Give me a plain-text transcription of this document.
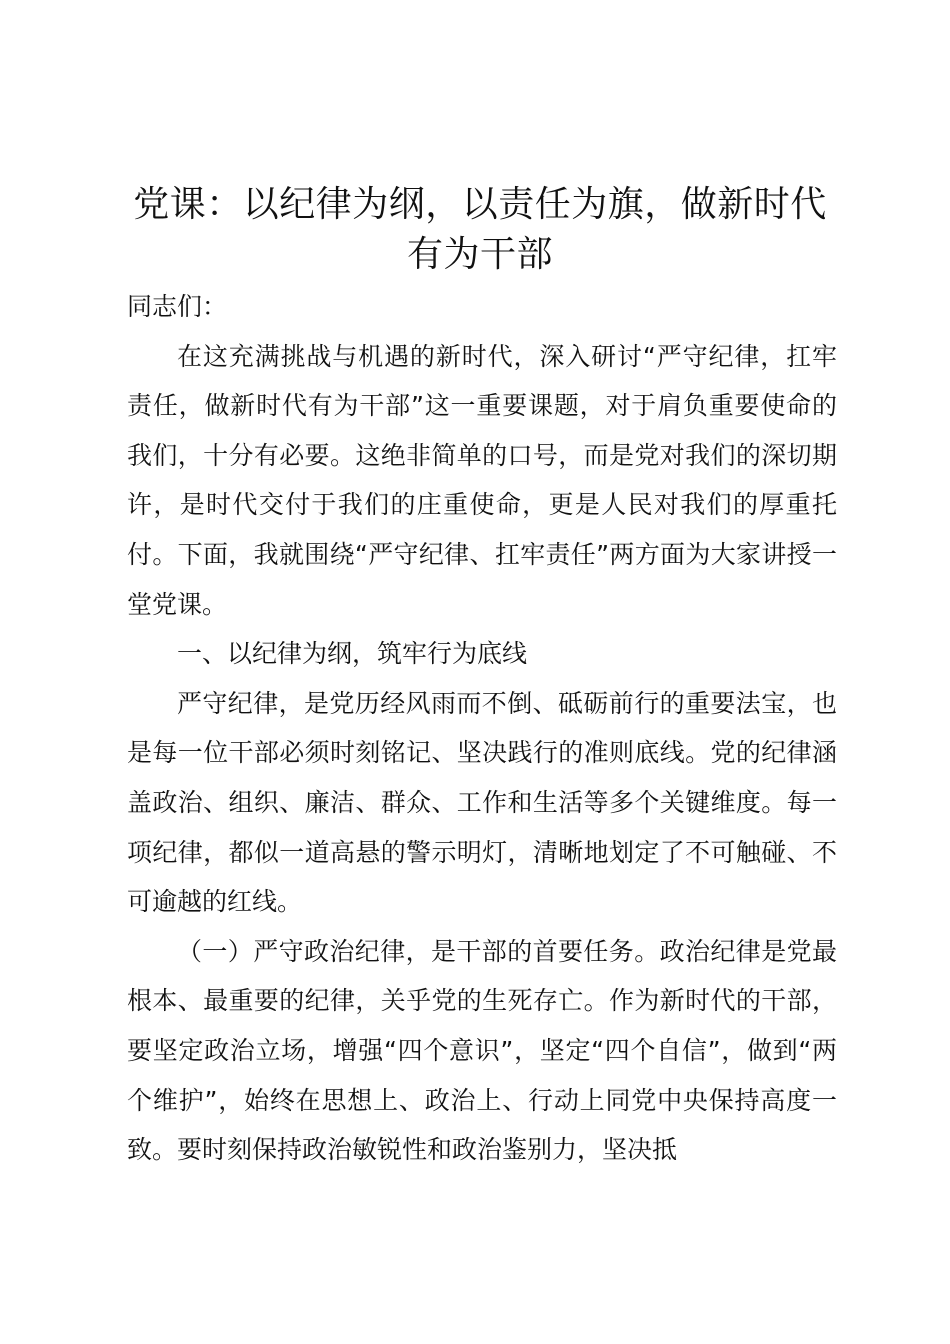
党课：以纪律为纲，以责任为旗，做新时代有为干部

同志们：

在这充满挑战与机遇的新时代，深入研讨“严守纪律，扛牢责任，做新时代有为干部”这一重要课题，对于肩负重要使命的我们，十分有必要。这绝非简单的口号，而是党对我们的深切期许，是时代交付于我们的庄重使命，更是人民对我们的厚重托付。下面，我就围绕“严守纪律、扛牢责任”两方面为大家讲授一堂党课。

一、以纪律为纲，筑牢行为底线

严守纪律，是党历经风雨而不倒、砥砺前行的重要法宝，也是每一位干部必须时刻铭记、坚决践行的准则底线。党的纪律涵盖政治、组织、廉洁、群众、工作和生活等多个关键维度。每一项纪律，都似一道高悬的警示明灯，清晰地划定了不可触碰、不可逾越的红线。

（一）严守政治纪律，是干部的首要任务。政治纪律是党最根本、最重要的纪律，关乎党的生死存亡。作为新时代的干部，要坚定政治立场，增强“四个意识”，坚定“四个自信”，做到“两个维护”，始终在思想上、政治上、行动上同党中央保持高度一致。要时刻保持政治敏锐性和政治鉴别力，坚决抵
